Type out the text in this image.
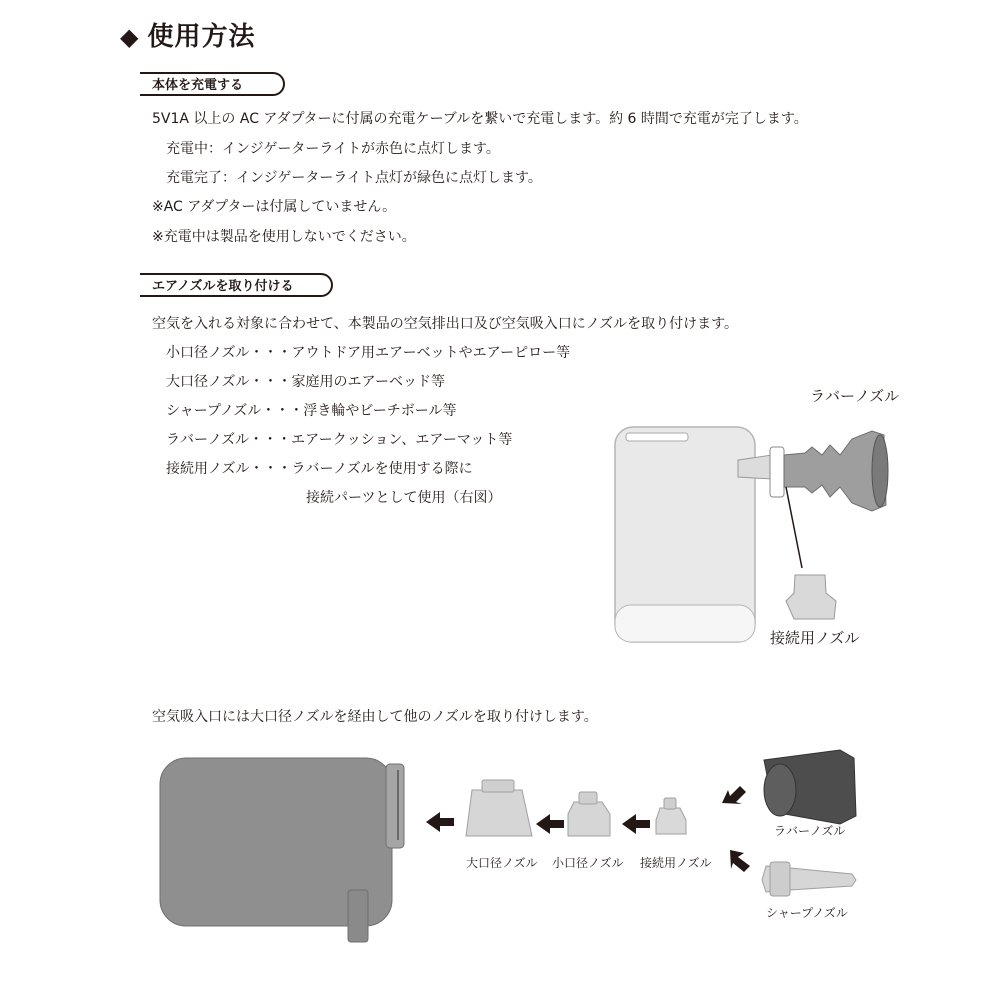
◆ 使用方法
本体を充電する
5V1A 以上の AC アダプターに付属の充電ケーブルを繋いで充電します。約 6 時間で充電が完了します。
充電中：インジゲーターライトが赤色に点灯します。
充電完了：インジゲーターライト点灯が緑色に点灯します。
※AC アダプターは付属していません。
※充電中は製品を使用しないでください。
エアノズルを取り付ける
空気を入れる対象に合わせて、本製品の空気排出口及び空気吸入口にノズルを取り付けます。
小口径ノズル・・・アウトドア用エアーベットやエアーピロー等
大口径ノズル・・・家庭用のエアーベッド等
シャープノズル・・・浮き輪やビーチボール等
ラバーノズル・・・エアークッション、エアーマット等
接続用ノズル・・・ラバーノズルを使用する際に
接続パーツとして使用（右図）
ラバーノズル
接続用ノズル
空気吸入口には大口径ノズルを経由して他のノズルを取り付けします。
大口径ノズル 小口径ノズル 接続用ノズル
ラバーノズル
シャープノズル
